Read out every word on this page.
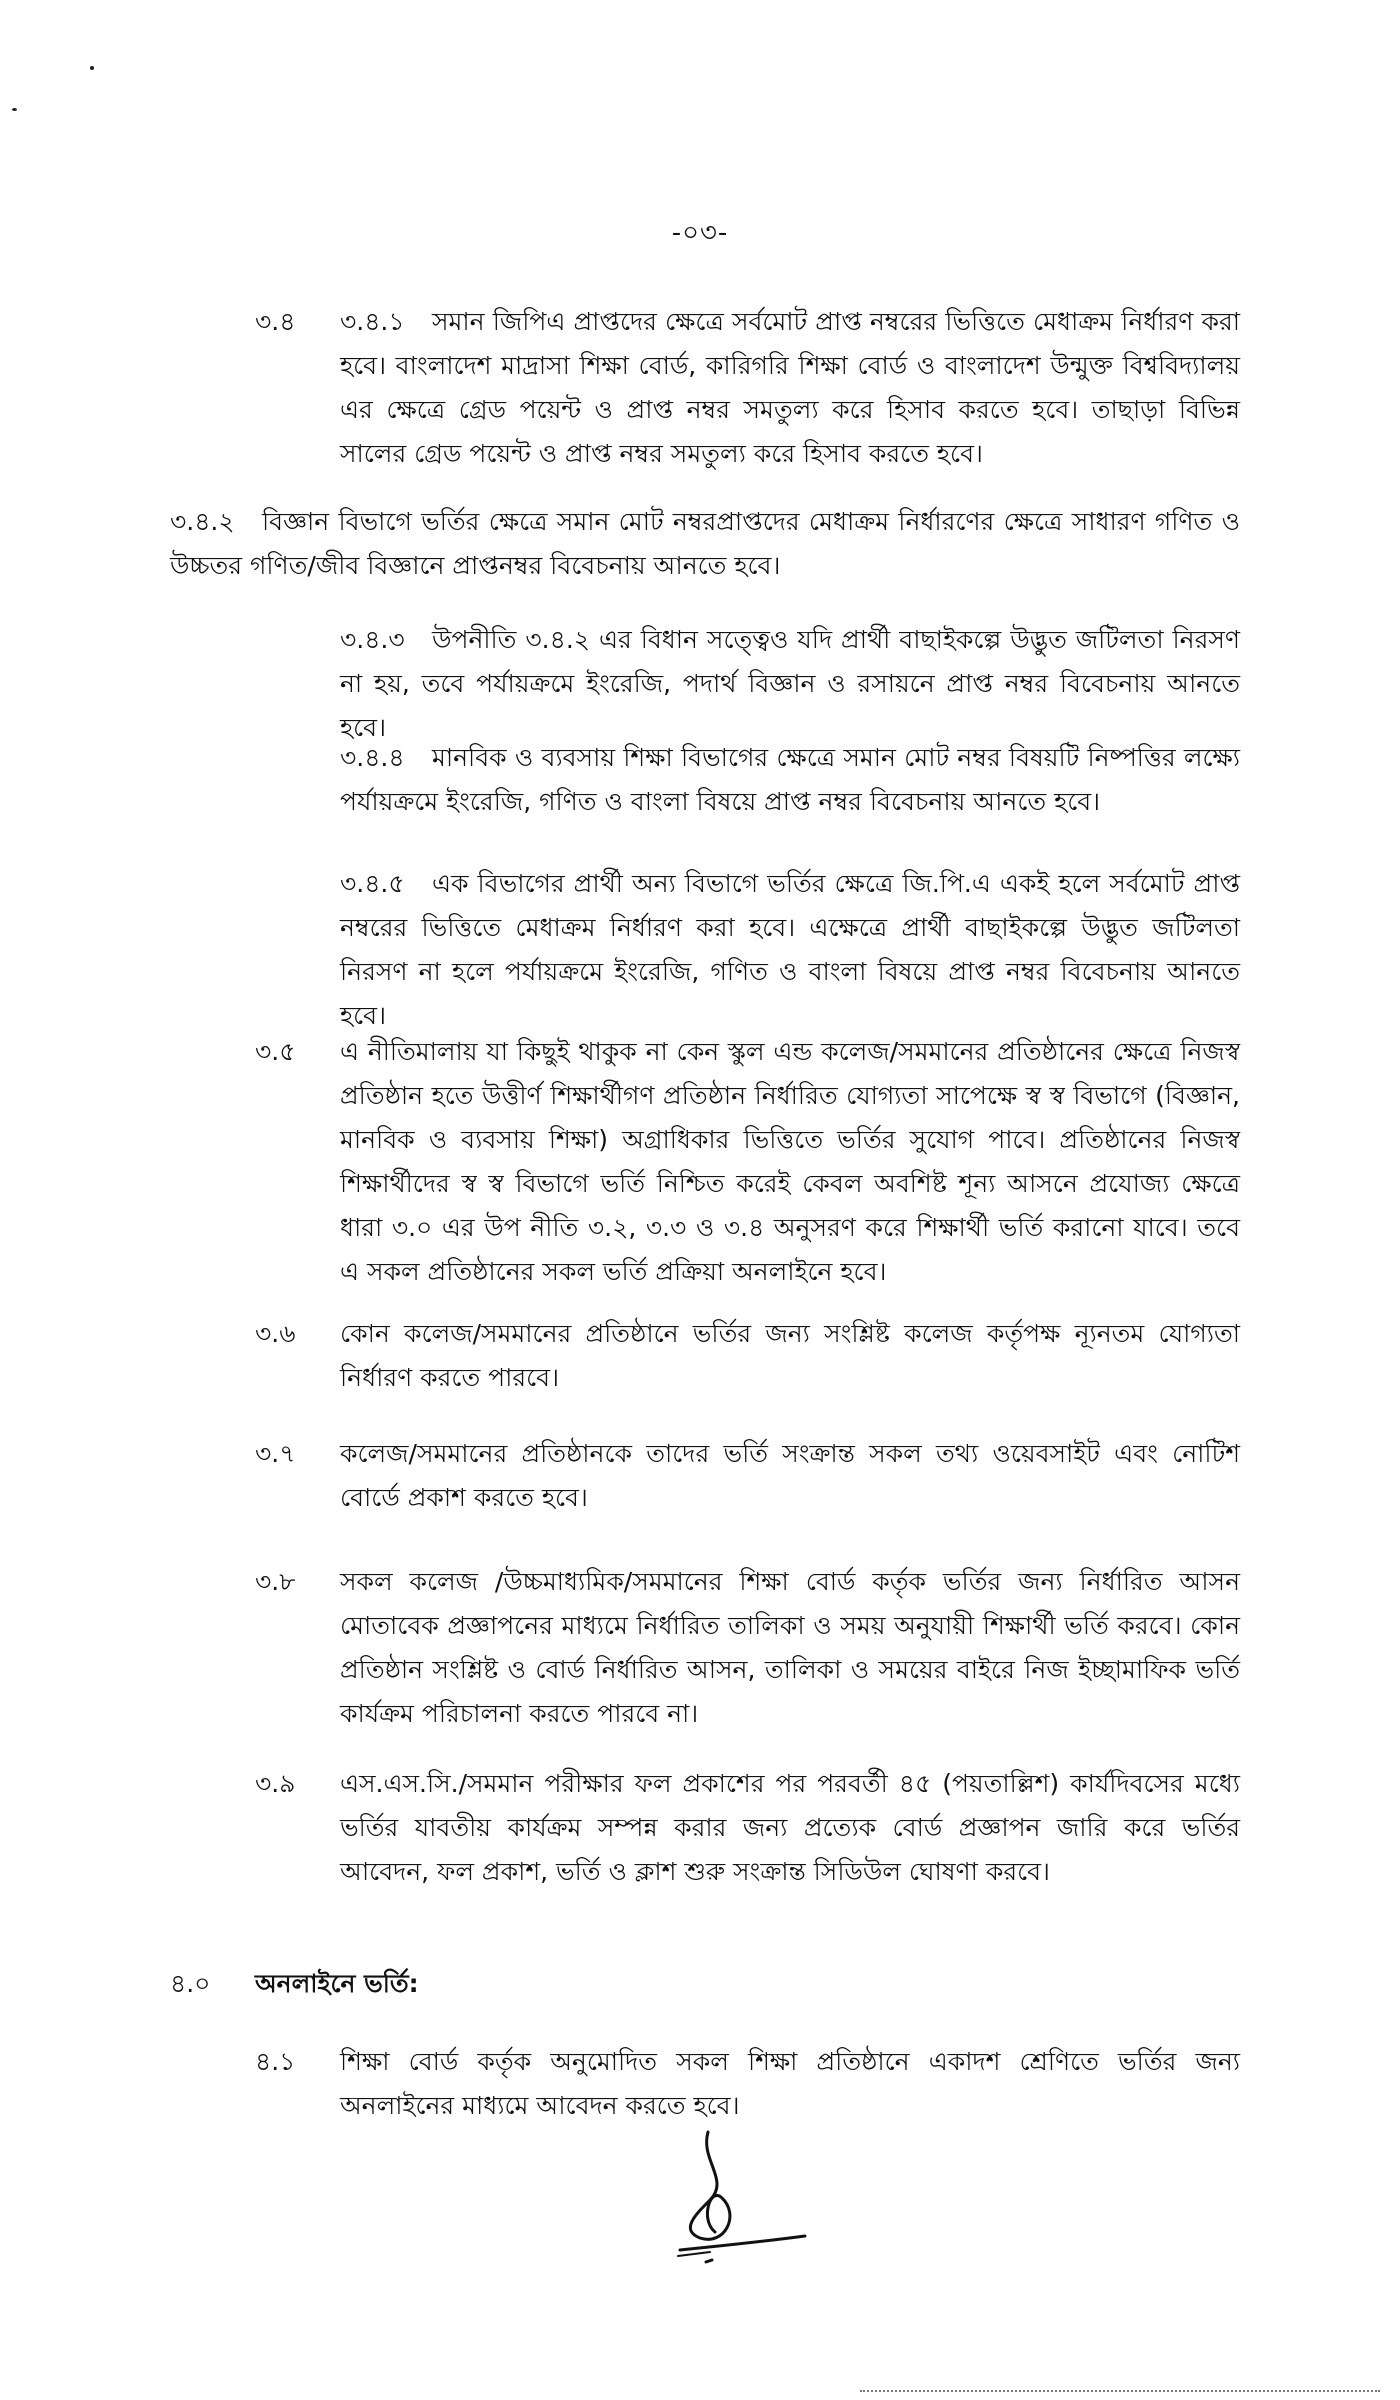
-০৩-
৩.৪ ৩.৪.১	সমান জিপিএ প্রাপ্তদের ক্ষেত্রে সর্বমোট প্রাপ্ত নম্বরের ভিত্তিতে মেধাক্রম নির্ধারণ করা হবে। বাংলাদেশ মাদ্রাসা শিক্ষা বোর্ড, কারিগরি শিক্ষা বোর্ড ও বাংলাদেশ উন্মুক্ত বিশ্ববিদ্যালয় এর ক্ষেত্রে গ্রেড পয়েন্ট ও প্রাপ্ত নম্বর সমতুল্য করে হিসাব করতে হবে। তাছাড়া বিভিন্ন সালের গ্রেড পয়েন্ট ও প্রাপ্ত নম্বর সমতুল্য করে হিসাব করতে হবে।
৩.৪.২	বিজ্ঞান বিভাগে ভর্তির ক্ষেত্রে সমান মোট নম্বরপ্রাপ্তদের মেধাক্রম নির্ধারণের ক্ষেত্রে সাধারণ গণিত ও উচ্চতর গণিত/জীব বিজ্ঞানে প্রাপ্তনম্বর বিবেচনায় আনতে হবে।
৩.৪.৩	উপনীতি ৩.৪.২ এর বিধান সত্ত্বেও যদি প্রার্থী বাছাইকল্পে উদ্ভুত জটিলতা নিরসণ না হয়, তবে পর্যায়ক্রমে ইংরেজি, পদার্থ বিজ্ঞান ও রসায়নে প্রাপ্ত নম্বর বিবেচনায় আনতে হবে।
৩.৪.৪	মানবিক ও ব্যবসায় শিক্ষা বিভাগের ক্ষেত্রে সমান মোট নম্বর বিষয়টি নিষ্পত্তির লক্ষ্যে পর্যায়ক্রমে ইংরেজি, গণিত ও বাংলা বিষয়ে প্রাপ্ত নম্বর বিবেচনায় আনতে হবে।
৩.৪.৫	এক বিভাগের প্রার্থী অন্য বিভাগে ভর্তির ক্ষেত্রে জি.পি.এ একই হলে সর্বমোট প্রাপ্ত নম্বরের ভিত্তিতে মেধাক্রম নির্ধারণ করা হবে। এক্ষেত্রে প্রার্থী বাছাইকল্পে উদ্ভুত জটিলতা নিরসণ না হলে পর্যায়ক্রমে ইংরেজি, গণিত ও বাংলা বিষয়ে প্রাপ্ত নম্বর বিবেচনায় আনতে হবে।
৩.৫ এ নীতিমালায় যা কিছুই থাকুক না কেন স্কুল এন্ড কলেজ/সমমানের প্রতিষ্ঠানের ক্ষেত্রে নিজস্ব প্রতিষ্ঠান হতে উত্তীর্ণ শিক্ষার্থীগণ প্রতিষ্ঠান নির্ধারিত যোগ্যতা সাপেক্ষে স্ব স্ব বিভাগে (বিজ্ঞান, মানবিক ও ব্যবসায় শিক্ষা) অগ্রাধিকার ভিত্তিতে ভর্তির সুযোগ পাবে। প্রতিষ্ঠানের নিজস্ব শিক্ষার্থীদের স্ব স্ব বিভাগে ভর্তি নিশ্চিত করেই কেবল অবশিষ্ট শূন্য আসনে প্রযোজ্য ক্ষেত্রে ধারা ৩.০ এর উপ নীতি ৩.২, ৩.৩ ও ৩.৪ অনুসরণ করে শিক্ষার্থী ভর্তি করানো যাবে। তবে এ সকল প্রতিষ্ঠানের সকল ভর্তি প্রক্রিয়া অনলাইনে হবে।
৩.৬ কোন কলেজ/সমমানের প্রতিষ্ঠানে ভর্তির জন্য সংশ্লিষ্ট কলেজ কর্তৃপক্ষ ন্যূনতম যোগ্যতা নির্ধারণ করতে পারবে।
৩.৭ কলেজ/সমমানের প্রতিষ্ঠানকে তাদের ভর্তি সংক্রান্ত সকল তথ্য ওয়েবসাইট এবং নোটিশ বোর্ডে প্রকাশ করতে হবে।
৩.৮ সকল কলেজ /উচ্চমাধ্যমিক/সমমানের শিক্ষা বোর্ড কর্তৃক ভর্তির জন্য নির্ধারিত আসন মোতাবেক প্রজ্ঞাপনের মাধ্যমে নির্ধারিত তালিকা ও সময় অনুযায়ী শিক্ষার্থী ভর্তি করবে। কোন প্রতিষ্ঠান সংশ্লিষ্ট ও বোর্ড নির্ধারিত আসন, তালিকা ও সময়ের বাইরে নিজ ইচ্ছামাফিক ভর্তি কার্যক্রম পরিচালনা করতে পারবে না।
৩.৯ এস.এস.সি./সমমান পরীক্ষার ফল প্রকাশের পর পরবর্তী ৪৫ (পয়তাল্লিশ) কার্যদিবসের মধ্যে ভর্তির যাবতীয় কার্যক্রম সম্পন্ন করার জন্য প্রত্যেক বোর্ড প্রজ্ঞাপন জারি করে ভর্তির আবেদন, ফল প্রকাশ, ভর্তি ও ক্লাশ শুরু সংক্রান্ত সিডিউল ঘোষণা করবে।
৪.০ অনলাইনে ভর্তি:
৪.১ শিক্ষা বোর্ড কর্তৃক অনুমোদিত সকল শিক্ষা প্রতিষ্ঠানে একাদশ শ্রেণিতে ভর্তির জন্য অনলাইনের মাধ্যমে আবেদন করতে হবে।
